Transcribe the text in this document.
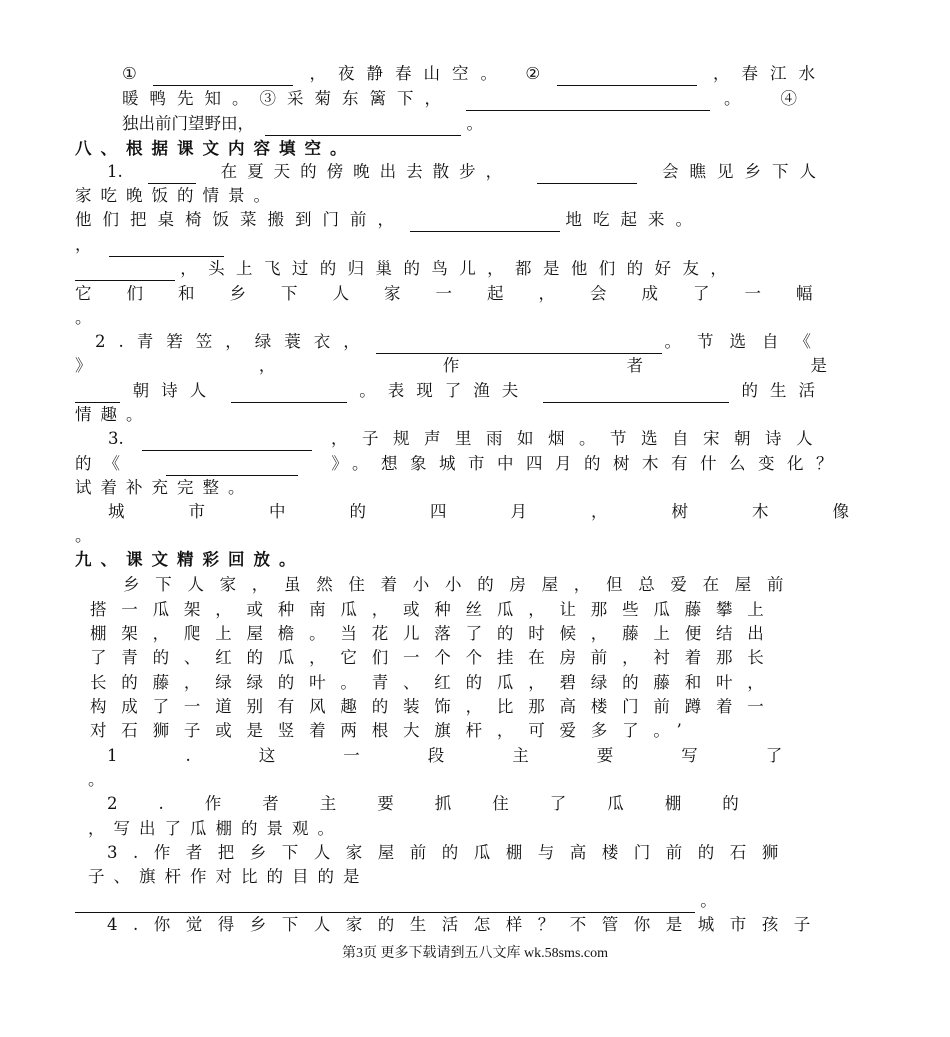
①	，夜静春山空。 ②	，春江水
暖鸭先知。③采菊东篱下，	。④
独出前门望野田，	。
八、根据课文内容填空。
1.	在夏天的傍晚出去散步，	会瞧见乡下人
家吃晚饭的情景。
他们把桌椅饭菜搬到门前，	地吃起来。
，
，头上飞过的归巢的鸟儿，都是他们的好友，
它们和乡下人家一起，会成了一幅
。
2.青箬笠，绿蓑衣，	。节选自《
》	，	作	者	是
朝诗人	。表现了渔夫	的生活
情趣。
3.	，子规声里雨如烟。节选自宋朝诗人
的《	》。想象城市中四月的树木有什么变化？
试着补充完整。
城市中的四月，树木像
。
九、课文精彩回放。
乡下人家，虽然住着小小的房屋，但总爱在屋前
搭一瓜架，或种南瓜，或种丝瓜，让那些瓜藤攀上
棚架，爬上屋檐。当花儿落了的时候，藤上便结出
了青的、红的瓜，它们一个个挂在房前，衬着那长
长的藤，绿绿的叶。青、红的瓜，碧绿的藤和叶，
构成了一道别有风趣的装饰，比那高楼门前蹲着一
对石狮子或是竖着两根大旗杆，可爱多了。’
1.这一段主要写了
。
2.作者主要抓住了瓜棚的
，写出了瓜棚的景观。
3.作者把乡下人家屋前的瓜棚与高楼门前的石狮
子、旗杆作对比的目的是
。
4.你觉得乡下人家的生活怎样？不管你是城市孩子
第3页 更多下载请到五八文库 wk.58sms.com
